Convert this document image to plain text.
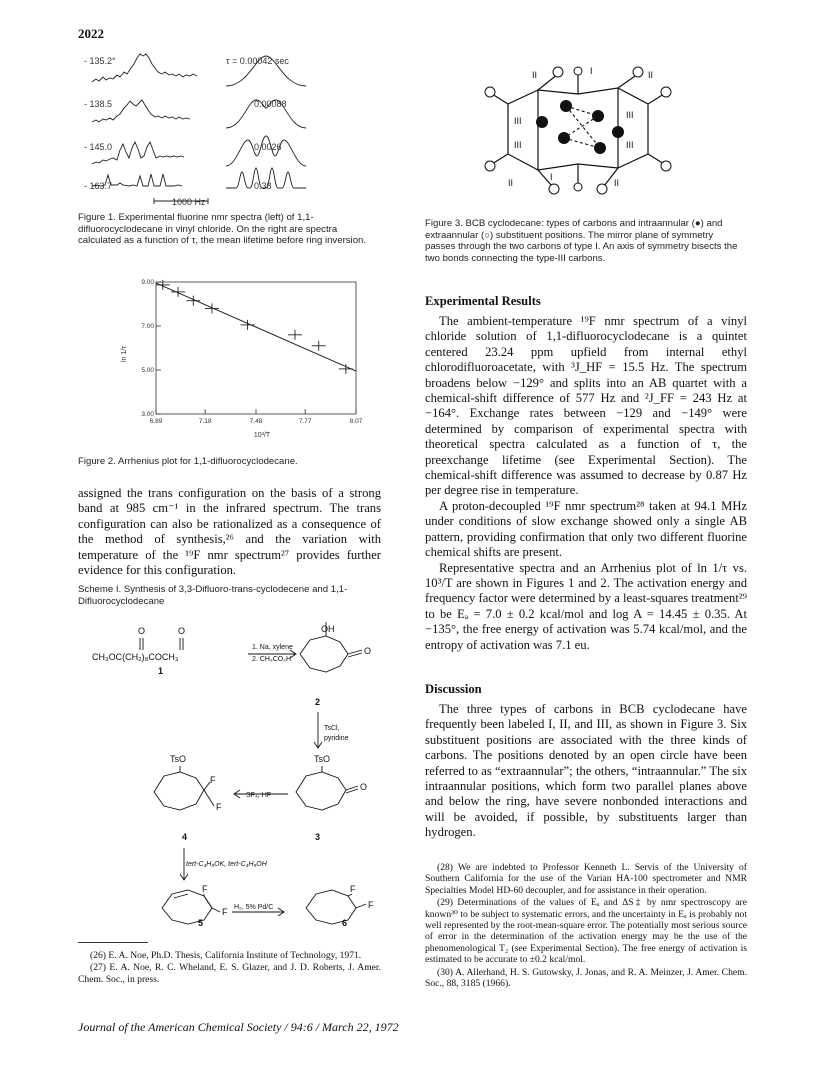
2022
- 135.2°
- 138.5
- 145.0
- 163.7
τ = 0.00042 sec
0.00088
0.0026
0.38
1000 Hz
Figure 1. Experimental fluorine nmr spectra (left) of 1,1-difluorocyclodecane in vinyl chloride. On the right are spectra calculated as a function of τ, the mean lifetime before ring inversion.
3.00
5.00
7.00
9.00
6.89	7.18	7.48	7.77	8.07
10³/T
ln 1/τ
Figure 2. Arrhenius plot for 1,1-difluorocyclodecane.

assigned the trans configuration on the basis of a strong band at 985 cm⁻¹ in the infrared spectrum. The trans configuration can also be rationalized as a consequence of the method of synthesis,²⁶ and the variation with temperature of the ¹⁹F nmr spectrum²⁷ provides further evidence for this configuration.

Scheme I. Synthesis of 3,3-Difluoro-trans-cyclodecene and 1,1-Difluorocyclodecane
O	O
CH₃OC(CH₂)₈COCH₃
1
1. Na, xylene
2. CH₃CO₂H
OH
O
2
TsCl,
pyridine
TsO	TsO
O
F
F
SF₄, HF
4	3
tert-C₄H₉OK, tert-C₄H₉OH
F
F
5
H₂, 5% Pd/C
F
F
6

(26) E. A. Noe, Ph.D. Thesis, California Institute of Technology, 1971.

(27) E. A. Noe, R. C. Wheland, E. S. Glazer, and J. D. Roberts, J. Amer. Chem. Soc., in press.

II	I	II
III
III
III	III
I
II	II
Figure 3. BCB cyclodecane: types of carbons and intraannular (●) and extraannular (○) substituent positions. The mirror plane of symmetry passes through the two carbons of type I. An axis of symmetry bisects the two bonds connecting the type-III carbons.
Experimental Results

The ambient-temperature ¹⁹F nmr spectrum of a vinyl chloride solution of 1,1-difluorocyclodecane is a quintet centered 23.24 ppm upfield from internal ethyl chlorodifluoroacetate, with ³J_HF = 15.5 Hz. The spectrum broadens below −129° and splits into an AB quartet with a chemical-shift difference of 577 Hz and ²J_FF = 243 Hz at −164°. Exchange rates between −129 and −149° were determined by comparison of experimental spectra with theoretical spectra calculated as a function of τ, the preexchange lifetime (see Experimental Section). The chemical-shift difference was assumed to decrease by 0.87 Hz per degree rise in temperature.

A proton-decoupled ¹⁹F nmr spectrum²⁸ taken at 94.1 MHz under conditions of slow exchange showed only a single AB pattern, providing confirmation that only two different fluorine chemical shifts are present.

Representative spectra and an Arrhenius plot of ln 1/τ vs. 10³/T are shown in Figures 1 and 2. The activation energy and frequency factor were determined by a least-squares treatment²⁹ to be Eₐ = 7.0 ± 0.2 kcal/mol and log A = 14.45 ± 0.35. At −135°, the free energy of activation was 5.74 kcal/mol, and the entropy of activation was 7.1 eu.

Discussion

The three types of carbons in BCB cyclodecane have frequently been labeled I, II, and III, as shown in Figure 3. Six substituent positions are associated with the three kinds of carbons. The positions denoted by an open circle have been referred to as “extraannular”; the others, “intraannular.” The six intraannular positions, which form two parallel planes above and below the ring, have severe nonbonded interactions and will be avoided, if possible, by substituents larger than hydrogen.

(28) We are indebted to Professor Kenneth L. Servis of the University of Southern California for the use of the Varian HA-100 spectrometer and NMR Specialties Model HD-60 decoupler, and for assistance in their operation.

(29) Determinations of the values of Eₐ and ΔS‡ by nmr spectroscopy are known³⁰ to be subject to systematic errors, and the uncertainty in Eₐ is probably not well represented by the root-mean-square error. The potentially most serious source of error in the determination of the activation energy may be the use of the phenomenological T₂ (see Experimental Section). The free energy of activation is estimated to be accurate to ±0.2 kcal/mol.

(30) A. Allerhand, H. S. Gutowsky, J. Jonas, and R. A. Meinzer, J. Amer. Chem. Soc., 88, 3185 (1966).

Journal of the American Chemical Society / 94:6 / March 22, 1972
